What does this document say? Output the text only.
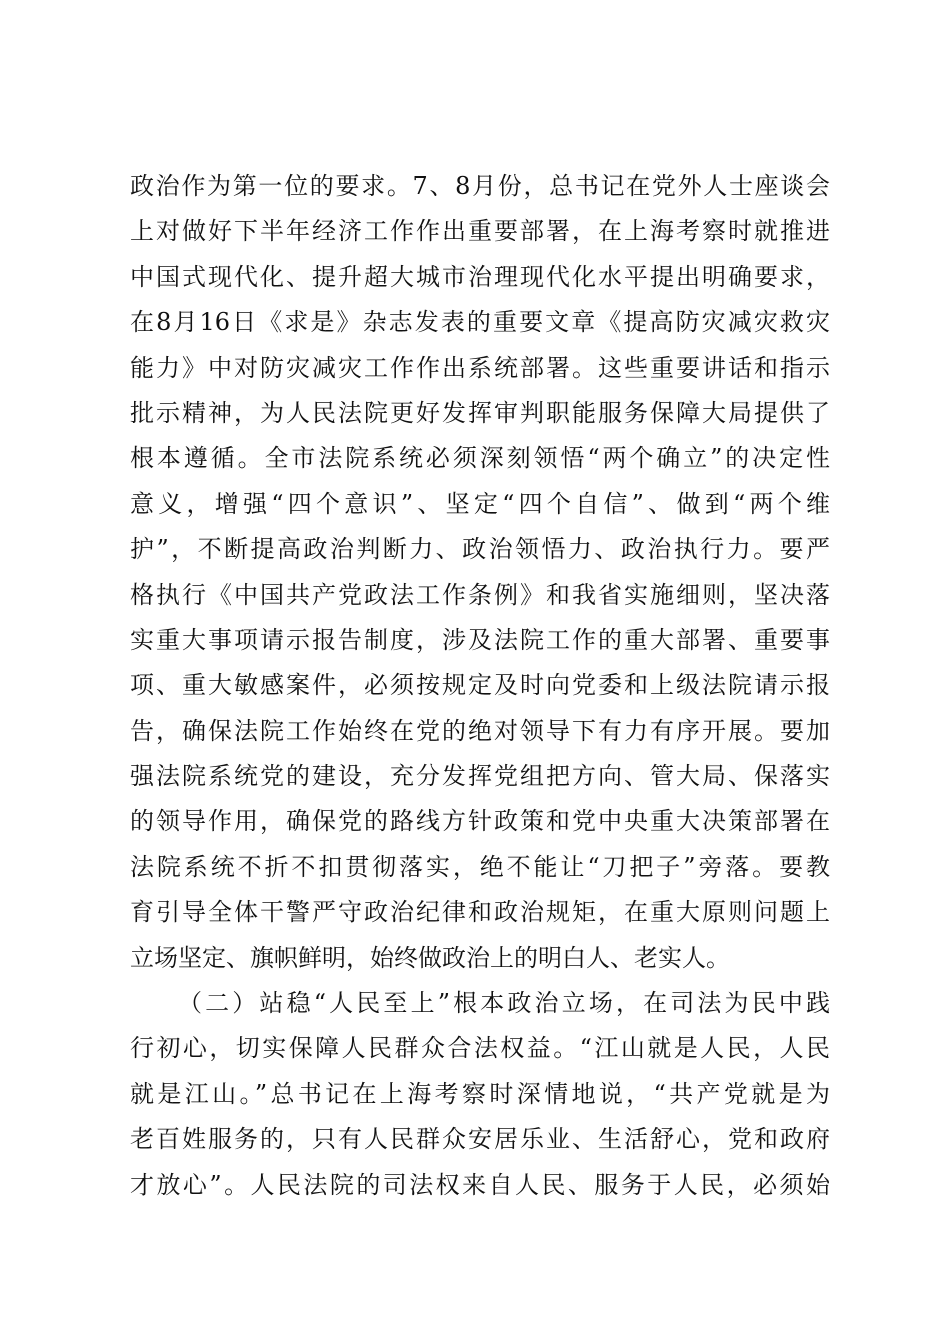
政治作为第一位的要求。7、8月份，总书记在党外人士座谈会
上对做好下半年经济工作作出重要部署，在上海考察时就推进
中国式现代化、提升超大城市治理现代化水平提出明确要求，
在8月16日《求是》杂志发表的重要文章《提高防灾减灾救灾
能力》中对防灾减灾工作作出系统部署。这些重要讲话和指示
批示精神，为人民法院更好发挥审判职能服务保障大局提供了
根本遵循。全市法院系统必须深刻领悟“两个确立”的决定性
意义，增强“四个意识”、坚定“四个自信”、做到“两个维
护”，不断提高政治判断力、政治领悟力、政治执行力。要严
格执行《中国共产党政法工作条例》和我省实施细则，坚决落
实重大事项请示报告制度，涉及法院工作的重大部署、重要事
项、重大敏感案件，必须按规定及时向党委和上级法院请示报
告，确保法院工作始终在党的绝对领导下有力有序开展。要加
强法院系统党的建设，充分发挥党组把方向、管大局、保落实
的领导作用，确保党的路线方针政策和党中央重大决策部署在
法院系统不折不扣贯彻落实，绝不能让“刀把子”旁落。要教
育引导全体干警严守政治纪律和政治规矩，在重大原则问题上
立场坚定、旗帜鲜明，始终做政治上的明白人、老实人。
（二）站稳“人民至上”根本政治立场，在司法为民中践
行初心，切实保障人民群众合法权益。“江山就是人民，人民
就是江山。”总书记在上海考察时深情地说，“共产党就是为
老百姓服务的，只有人民群众安居乐业、生活舒心，党和政府
才放心”。人民法院的司法权来自人民、服务于人民，必须始
